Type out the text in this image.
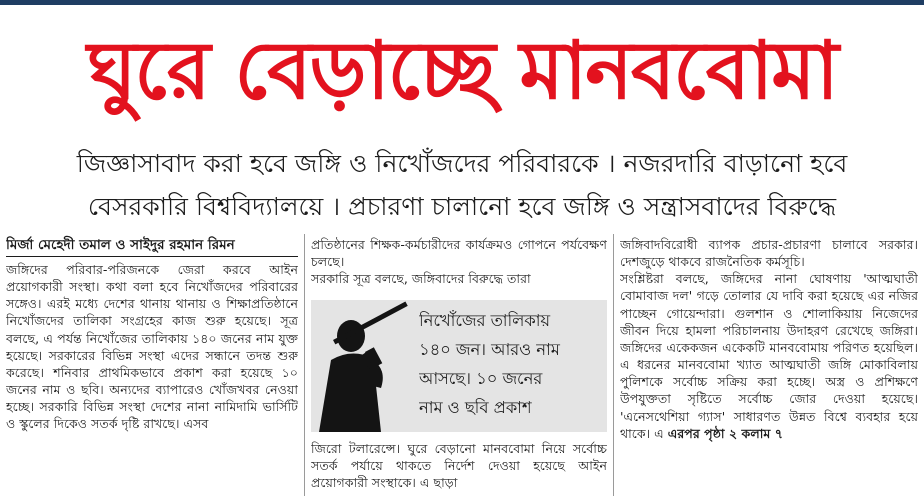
ঘুরে বেড়াচ্ছে মানববোমা
জিজ্ঞাসাবাদ করা হবে জঙ্গি ও নিখোঁজদের পরিবারকে । নজরদারি বাড়ানো হবে
বেসরকারি বিশ্ববিদ্যালয়ে । প্রচারণা চালানো হবে জঙ্গি ও সন্ত্রাসবাদের বিরুদ্ধে
মির্জা মেহেদী তমাল ও সাইদুর রহমান রিমন

জঙ্গিদের পরিবার-পরিজনকে জেরা করবে আইন প্রয়োগকারী সংস্থা। কথা বলা হবে নিখোঁজদের পরিবারের সঙ্গেও। এরই মধ্যে দেশের থানায় থানায় ও শিক্ষাপ্রতিষ্ঠানে নিখোঁজদের তালিকা সংগ্রহের কাজ শুরু হয়েছে। সূত্র বলছে, এ পর্যন্ত নিখোঁজের তালিকায় ১৪০ জনের নাম যুক্ত হয়েছে। সরকারের বিভিন্ন সংস্থা এদের সন্ধানে তদন্ত শুরু করেছে। শনিবার প্রাথমিকভাবে প্রকাশ করা হয়েছে ১০ জনের নাম ও ছবি। অন্যদের ব্যাপারেও খোঁজখবর নেওয়া হচ্ছে। সরকারি বিভিন্ন সংস্থা দেশের নানা নামিদামি ভার্সিটি ও স্কুলের দিকেও সতর্ক দৃষ্টি রাখছে। এসব

প্রতিষ্ঠানের শিক্ষক-কর্মচারীদের কার্যক্রমও গোপনে পর্যবেক্ষণ চলছে।

সরকারি সূত্র বলছে, জঙ্গিবাদের বিরুদ্ধে তারা

নিখোঁজের তালিকায়
১৪০ জন। আরও নাম
আসছে। ১০ জনের
নাম ও ছবি প্রকাশ

জিরো টলারেন্সে। ঘুরে বেড়ানো মানববোমা নিয়ে সর্বোচ্চ সতর্ক পর্যায়ে থাকতে নির্দেশ দেওয়া হয়েছে আইন প্রয়োগকারী সংস্থাকে। এ ছাড়া

জঙ্গিবাদবিরোধী ব্যাপক প্রচার-প্রচারণা চালাবে সরকার। দেশজুড়ে থাকবে রাজনৈতিক কর্মসূচি।

সংশ্লিষ্টরা বলছে, জঙ্গিদের নানা ঘোষণায় 'আত্মঘাতী বোমাবাজ দল' গড়ে তোলার যে দাবি করা হয়েছে এর নজির পাচ্ছেন গোয়েন্দারা। গুলশান ও শোলাকিয়ায় নিজেদের জীবন দিয়ে হামলা পরিচালনায় উদাহরণ রেখেছে জঙ্গিরা। জঙ্গিদের একেকজন একেকটি মানববোমায় পরিণত হয়েছিল। এ ধরনের মানববোমা খ্যাত আত্মঘাতী জঙ্গি মোকাবিলায় পুলিশকে সর্বোচ্চ সক্রিয় করা হচ্ছে। অস্ত্র ও প্রশিক্ষণে উপযুক্ততা সৃষ্টিতে সর্বোচ্চ জোর দেওয়া হয়েছে। 'এনেসথেশিয়া গ্যাস' সাধারণত উন্নত বিশ্বে ব্যবহার হয়ে থাকে। এ এরপর পৃষ্ঠা ২ কলাম ৭
